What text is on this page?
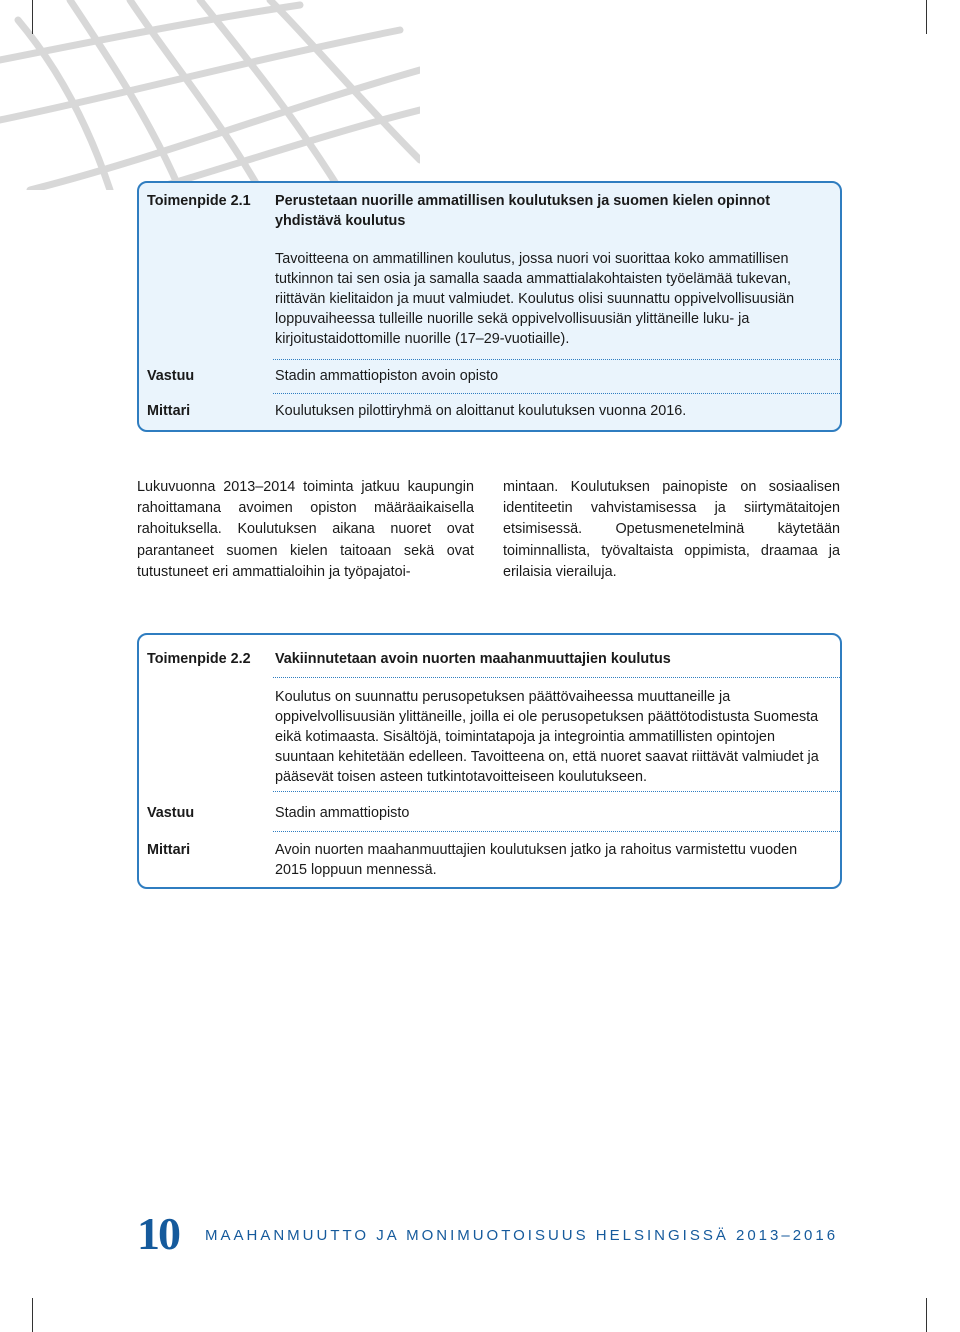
Toimenpide 2.1 Perustetaan nuorille ammatillisen koulutuksen ja suomen kielen opinnot yhdistävä koulutus
Tavoitteena on ammatillinen koulutus, jossa nuori voi suorittaa koko ammatillisen tutkinnon tai sen osia ja samalla saada ammattialakohtaisten työelämää tukevan, riittävän kielitaidon ja muut valmiudet. Koulutus olisi suunnattu oppivelvollisuusiän loppuvaiheessa tulleille nuorille sekä oppivelvollisuusiän ylittäneille luku- ja kirjoitustaidottomille nuorille (17–29-vuotiaille).
Vastuu	Stadin ammattiopiston avoin opisto
Mittari	Koulutuksen pilottiryhmä on aloittanut koulutuksen vuonna 2016.
Lukuvuonna 2013–2014 toiminta jatkuu kaupungin rahoittamana avoimen opiston määräaikaisella rahoituksella. Koulutuksen aikana nuoret ovat parantaneet suomen kielen taitoaan sekä ovat tutustuneet eri ammattialoihin ja työpajatoi-
mintaan. Koulutuksen painopiste on sosiaalisen identiteetin vahvistamisessa ja siirtymätaitojen etsimisessä. Opetusmenetelminä käytetään toiminnallista, työvaltaista oppimista, draamaa ja erilaisia vierailuja.
Toimenpide 2.2 Vakiinnutetaan avoin nuorten maahanmuuttajien koulutus
Koulutus on suunnattu perusopetuksen päättövaiheessa muuttaneille ja oppivelvollisuusiän ylittäneille, joilla ei ole perusopetuksen päättötodistusta Suomesta eikä kotimaasta. Sisältöjä, toimintatapoja ja integrointia ammatillisten opintojen suuntaan kehitetään edelleen. Tavoitteena on, että nuoret saavat riittävät valmiudet ja pääsevät toisen asteen tutkintotavoitteiseen koulutukseen.
Vastuu	Stadin ammattiopisto
Mittari	Avoin nuorten maahanmuuttajien koulutuksen jatko ja rahoitus varmistettu vuoden 2015 loppuun mennessä.
10 MAAHANMUUTTO JA MONIMUOTOISUUS HELSINGISSÄ 2013–2016
